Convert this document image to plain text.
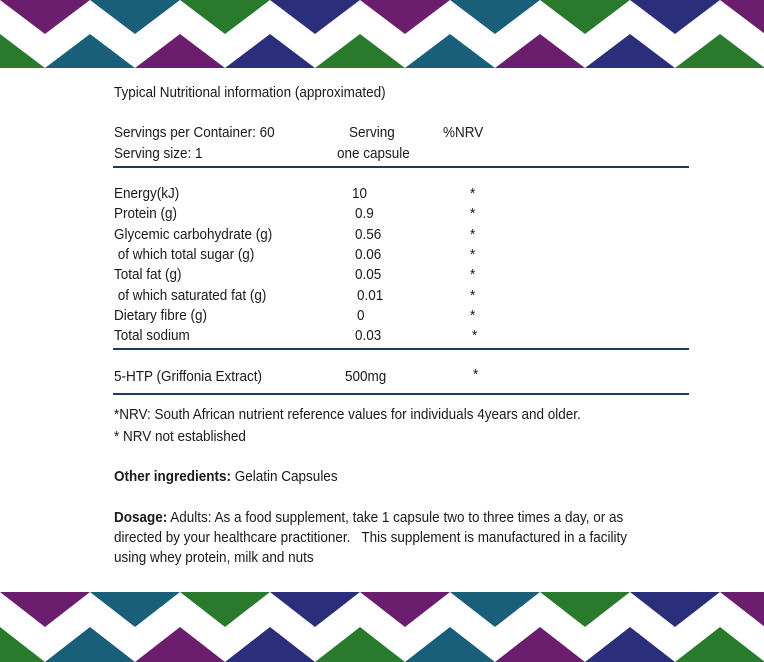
Typical Nutritional information (approximated)
Servings per Container: 60	Serving	%NRV
Serving size: 1	one capsule
Energy(kJ)	10	*
Protein (g)	0.9	*
Glycemic carbohydrate (g)	0.56	*
of which total sugar (g)	0.06	*
Total fat (g)	0.05	*
of which saturated fat (g)	0.01	*
Dietary fibre (g)	0	*
Total sodium	0.03	*
5-HTP (Griffonia Extract)	500mg	*
*NRV: South African nutrient reference values for individuals 4years and older.
* NRV not established
Other ingredients: Gelatin Capsules
Dosage: Adults: As a food supplement, take 1 capsule two to three times a day, or as
directed by your healthcare practitioner.   This supplement is manufactured in a facility
using whey protein, milk and nuts
